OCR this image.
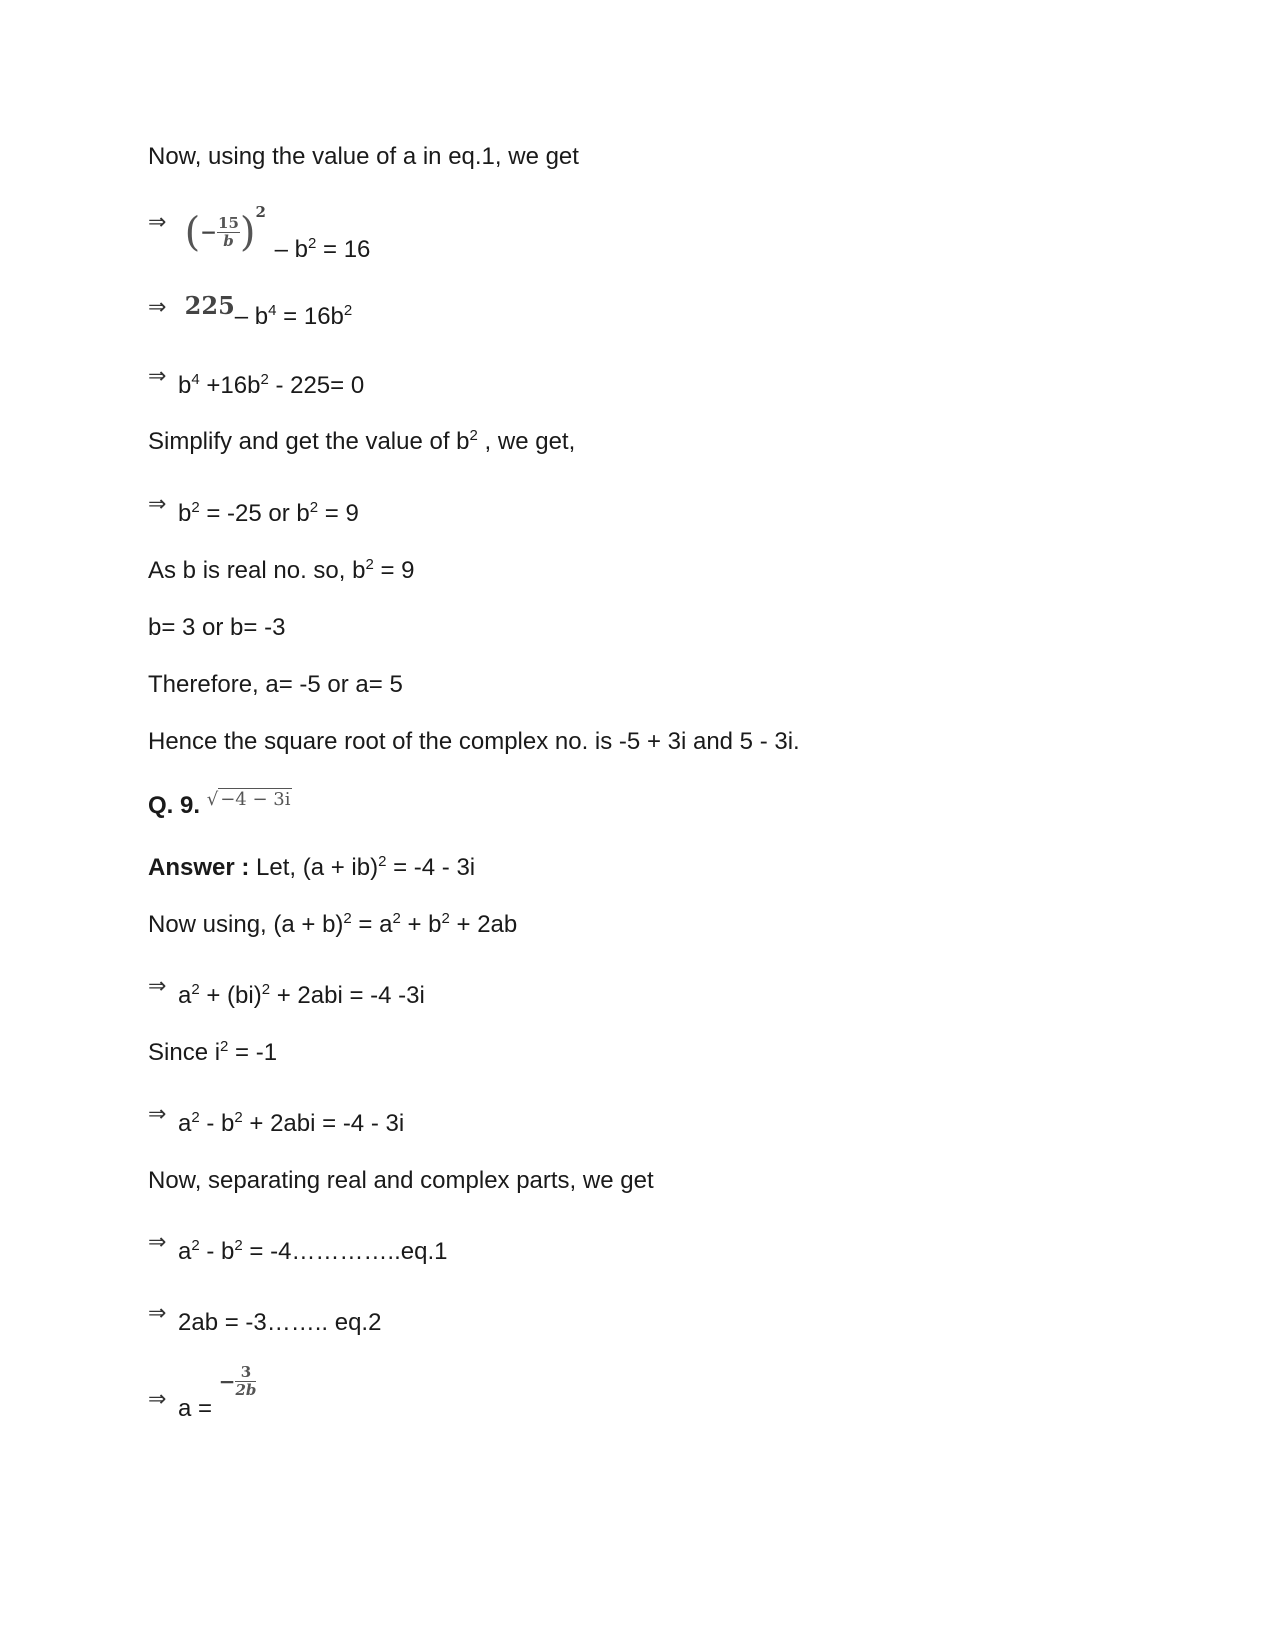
Now, using the value of a in eq.1, we get
⇒ (− $\frac{15}{b} )^2 - b^2 = 16$
⇒ 225– $b^4 = 16b^2$
⇒ $b^4 +16b^2 - 225= 0$
Simplify and get the value of $b^2$ , we get,
⇒ $b^2 = -25$ or $b^2 = 9$
As b is real no. so, $b^2 = 9$
b= 3 or b= -3
Therefore, a= -5 or a= 5
Hence the square root of the complex no. is -5 + 3i and 5 - 3i.
Q. 9. $^{√ -4 - 3i}$
Answer : Let, (a + ib)$^2$ = -4 - 3i
Now using, $(a + b)^2 = a^2 + b^2 + 2ab$
⇒ $a^2 + (bi)^2 + 2abi = -4$ -3i
Since $i^2 = -1$
⇒ $a^2 - b^2 + 2abi = -4 - 3i$
Now, separating real and complex parts, we get
⇒ $a^2 - b^2$ = -4…………..eq.1
⇒ 2ab = -3…….. eq.2
⇒ a = − $\frac{3}{2b}$
